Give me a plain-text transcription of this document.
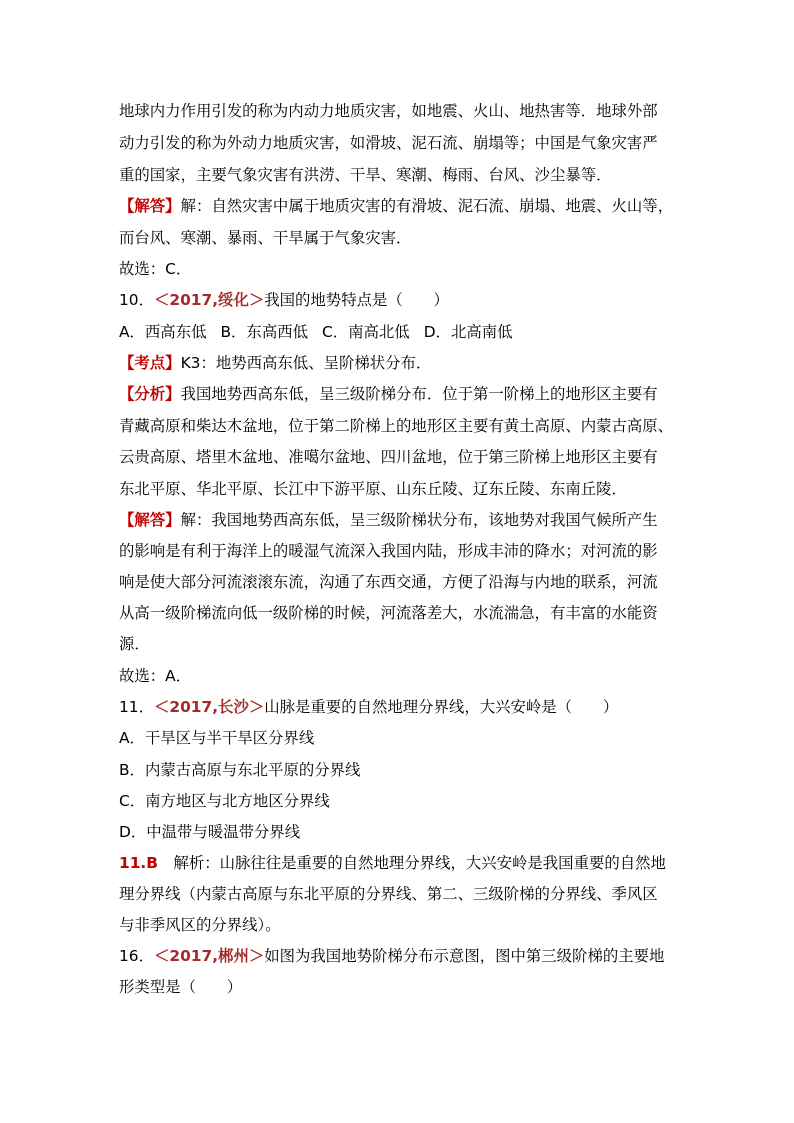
地球内力作用引发的称为内动力地质灾害，如地震、火山、地热害等．地球外部
动力引发的称为外动力地质灾害，如滑坡、泥石流、崩塌等；中国是气象灾害严
重的国家，主要气象灾害有洪涝、干旱、寒潮、梅雨、台风、沙尘暴等．
【解答】解：自然灾害中属于地质灾害的有滑坡、泥石流、崩塌、地震、火山等，
而台风、寒潮、暴雨、干旱属于气象灾害．
故选：C．
10．＜2017,绥化＞我国的地势特点是（　　）
A．西高东低 B．东高西低 C．南高北低 D．北高南低
【考点】K3：地势西高东低、呈阶梯状分布．
【分析】我国地势西高东低，呈三级阶梯分布．位于第一阶梯上的地形区主要有
青藏高原和柴达木盆地，位于第二阶梯上的地形区主要有黄土高原、内蒙古高原、
云贵高原、塔里木盆地、准噶尔盆地、四川盆地，位于第三阶梯上地形区主要有
东北平原、华北平原、长江中下游平原、山东丘陵、辽东丘陵、东南丘陵．
【解答】解：我国地势西高东低，呈三级阶梯状分布，该地势对我国气候所产生
的影响是有利于海洋上的暖湿气流深入我国内陆，形成丰沛的降水；对河流的影
响是使大部分河流滚滚东流，沟通了东西交通，方便了沿海与内地的联系，河流
从高一级阶梯流向低一级阶梯的时候，河流落差大，水流湍急，有丰富的水能资
源．
故选：A．
11．＜2017,长沙＞山脉是重要的自然地理分界线，大兴安岭是（　　）
A．干旱区与半干旱区分界线
B．内蒙古高原与东北平原的分界线
C．南方地区与北方地区分界线
D．中温带与暖温带分界线
11.B　 解析：山脉往往是重要的自然地理分界线，大兴安岭是我国重要的自然地
理分界线（内蒙古高原与东北平原的分界线、第二、三级阶梯的分界线、季风区
与非季风区的分界线）。
16．＜2017,郴州＞如图为我国地势阶梯分布示意图，图中第三级阶梯的主要地
形类型是（　　）
